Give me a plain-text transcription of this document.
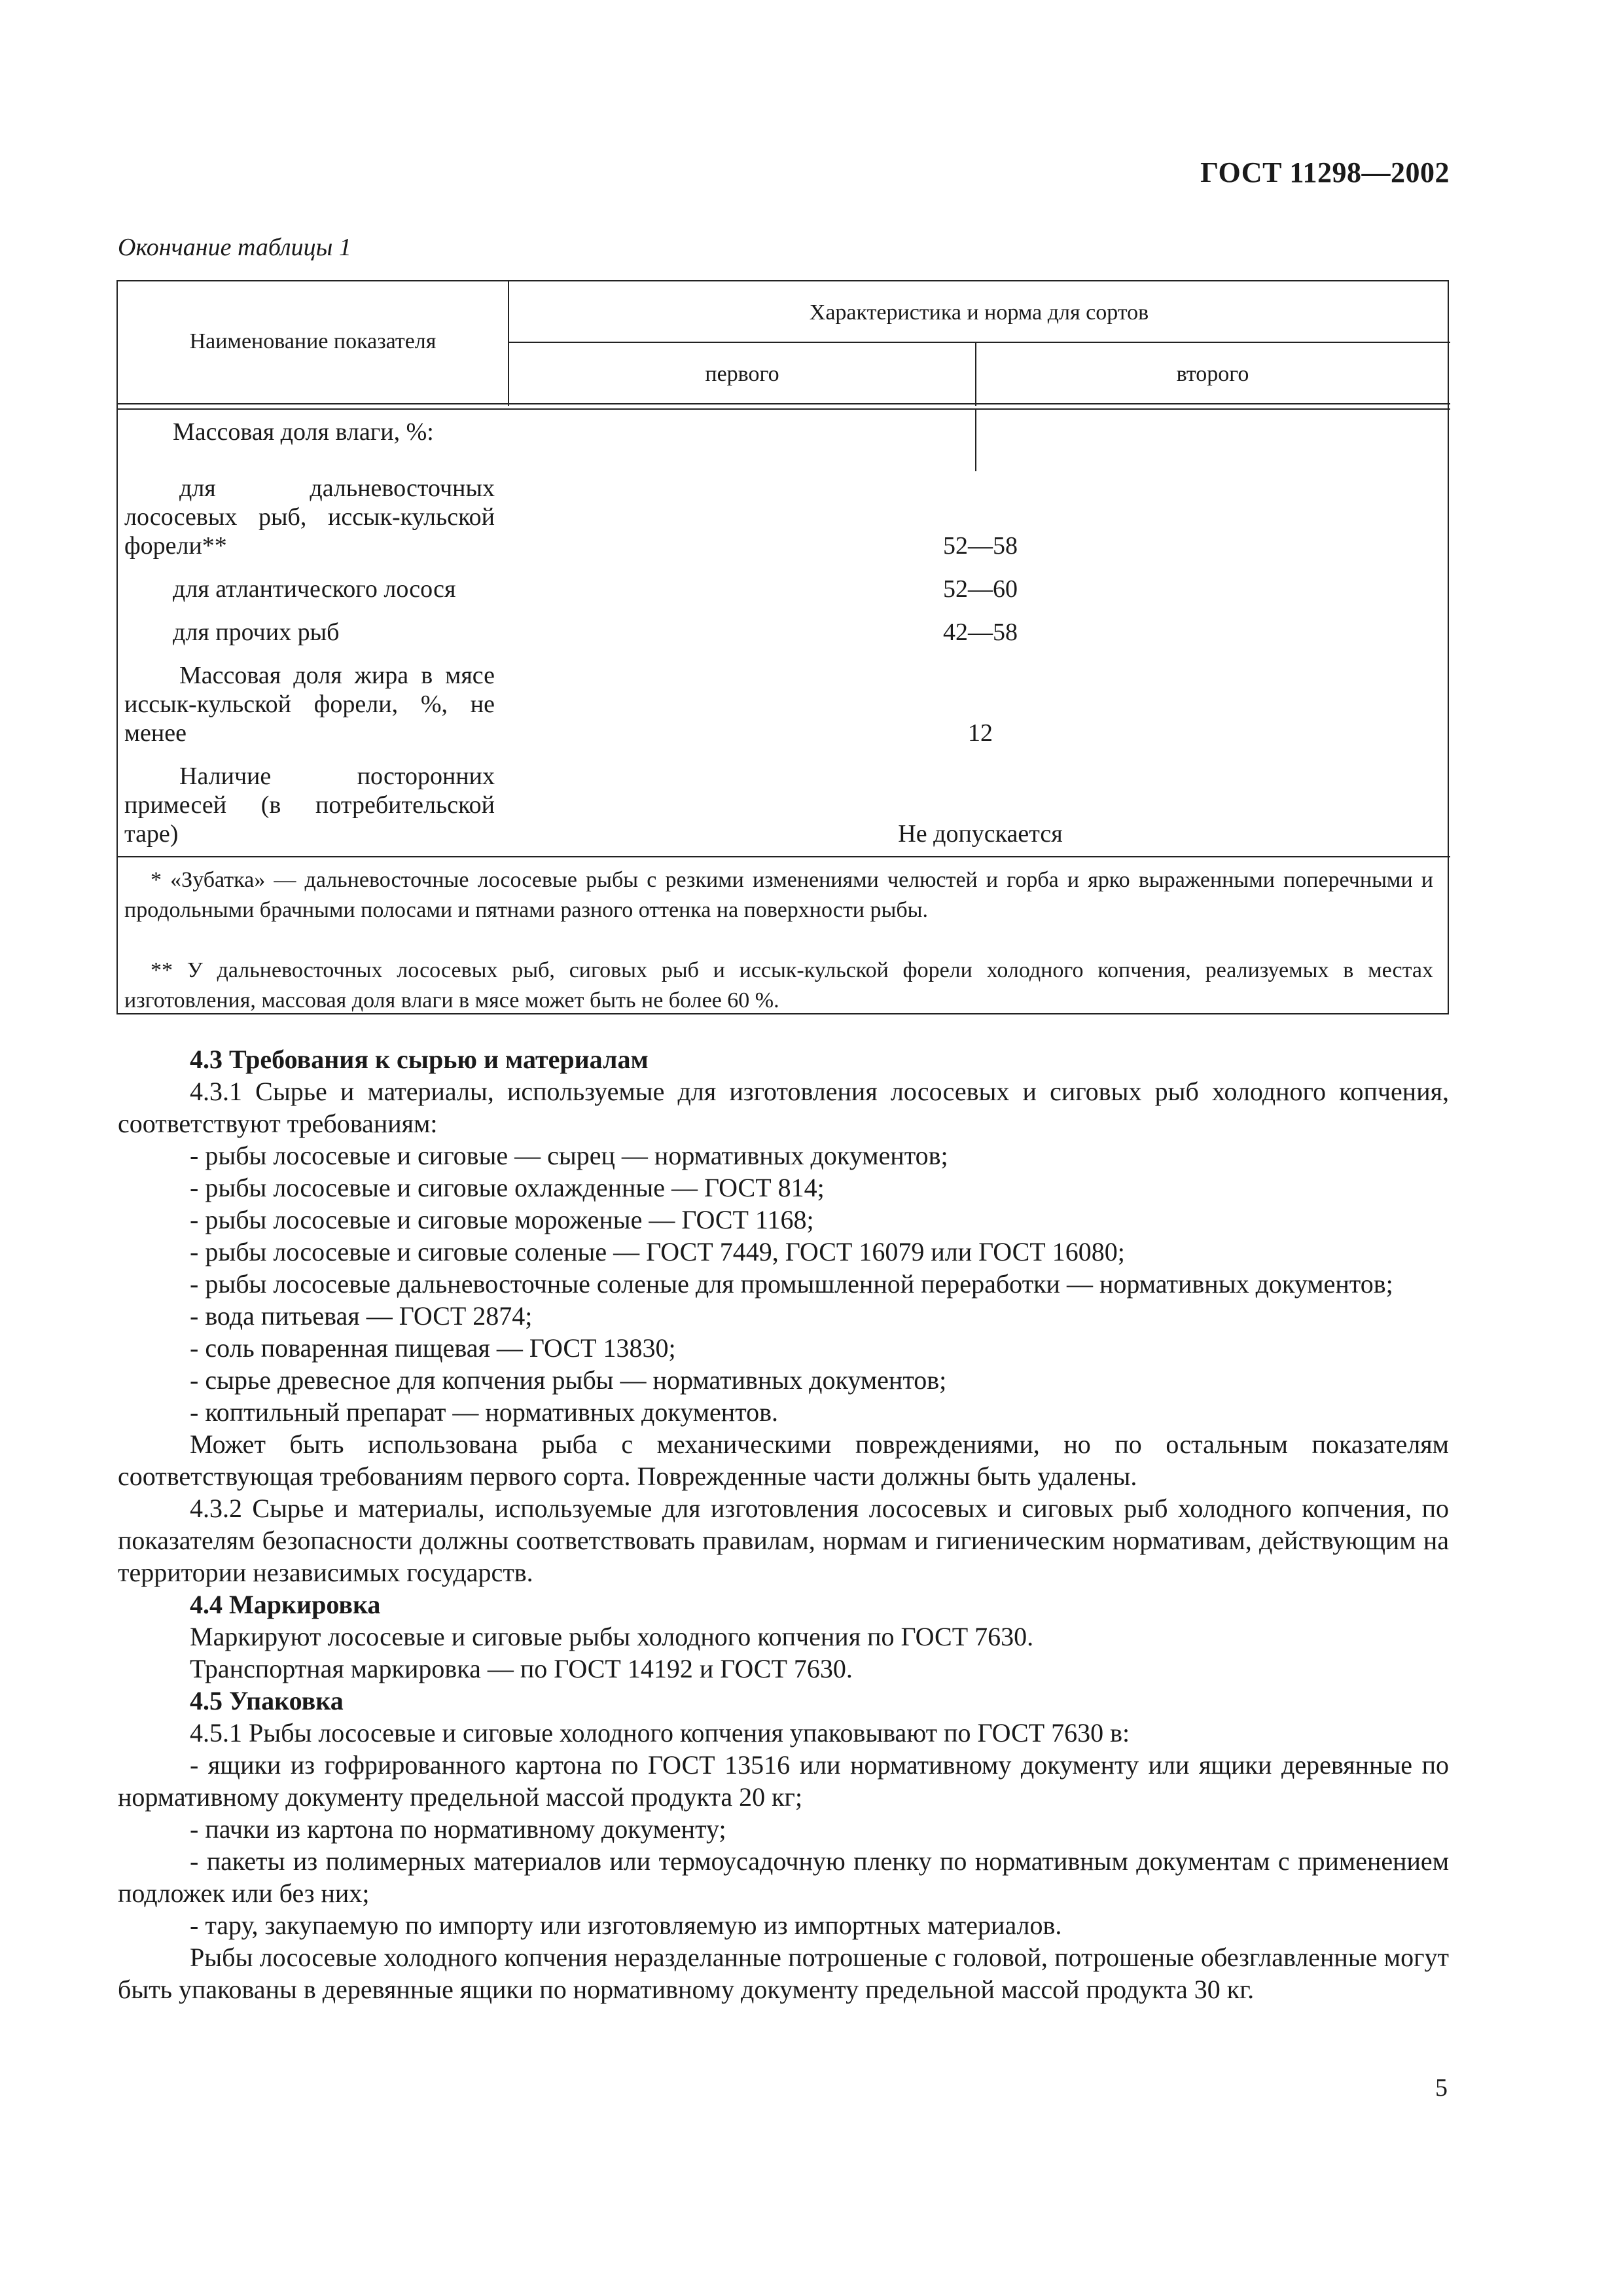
ГОСТ 11298—2002
Окончание таблицы 1
Наименование показателя
Характеристика и норма для сортов
первого	второго
Массовая доля влаги, %:
для дальневосточных лососевых рыб, иссык-кульской форели**	52—58
для атлантического лосося	52—60
для прочих рыб	42—58
Массовая доля жира в мясе иссык-кульской форели, %, не менее	12
Наличие посторонних примесей (в потребительской таре)	Не допускается
* «Зубатка» — дальневосточные лососевые рыбы с резкими изменениями челюстей и горба и ярко выраженными поперечными и продольными брачными полосами и пятнами разного оттенка на поверхности рыбы.
** У дальневосточных лососевых рыб, сиговых рыб и иссык-кульской форели холодного копчения, реализуемых в местах изготовления, массовая доля влаги в мясе может быть не более 60 %.

4.3 Требования к сырью и материалам

4.3.1 Сырье и материалы, используемые для изготовления лососевых и сиговых рыб холодного копчения, соответствуют требованиям:

- рыбы лососевые и сиговые — сырец — нормативных документов;

- рыбы лососевые и сиговые охлажденные — ГОСТ 814;

- рыбы лососевые и сиговые мороженые — ГОСТ 1168;

- рыбы лососевые и сиговые соленые — ГОСТ 7449, ГОСТ 16079 или ГОСТ 16080;

- рыбы лососевые дальневосточные соленые для промышленной переработки — нормативных документов;

- вода питьевая — ГОСТ 2874;

- соль поваренная пищевая — ГОСТ 13830;

- сырье древесное для копчения рыбы — нормативных документов;

- коптильный препарат — нормативных документов.

Может быть использована рыба с механическими повреждениями, но по остальным показателям соответствующая требованиям первого сорта. Поврежденные части должны быть удалены.

4.3.2 Сырье и материалы, используемые для изготовления лососевых и сиговых рыб холодного копчения, по показателям безопасности должны соответствовать правилам, нормам и гигиеническим нормативам, действующим на территории независимых государств.

4.4 Маркировка

Маркируют лососевые и сиговые рыбы холодного копчения по ГОСТ 7630.

Транспортная маркировка — по ГОСТ 14192 и ГОСТ 7630.

4.5 Упаковка

4.5.1 Рыбы лососевые и сиговые холодного копчения упаковывают по ГОСТ 7630 в:

- ящики из гофрированного картона по ГОСТ 13516 или нормативному документу или ящики деревянные по нормативному документу предельной массой продукта 20 кг;

- пачки из картона по нормативному документу;

- пакеты из полимерных материалов или термоусадочную пленку по нормативным документам с применением подложек или без них;

- тару, закупаемую по импорту или изготовляемую из импортных материалов.

Рыбы лососевые холодного копчения неразделанные потрошеные с головой, потрошеные обезглавленные могут быть упакованы в деревянные ящики по нормативному документу предельной массой продукта 30 кг.

5
